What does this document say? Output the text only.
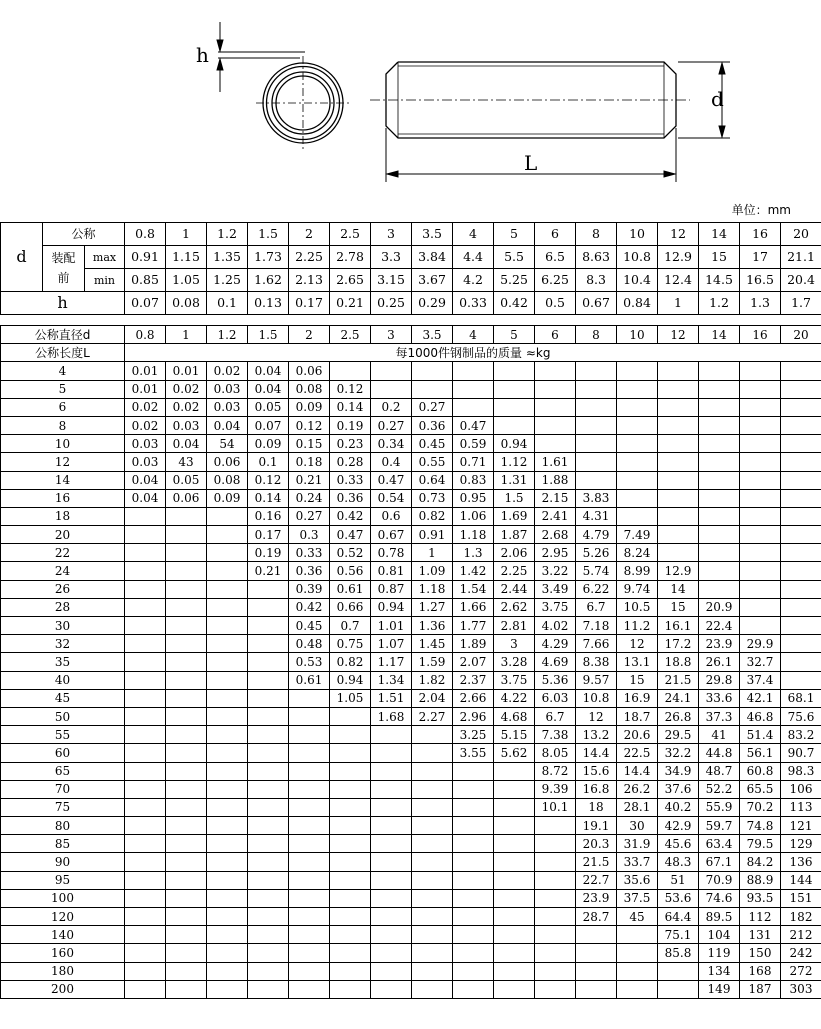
h
d
L
单位：mm
d	公称		0.8	1	1.2	1.5	2	2.5	3	3.5	4	5	6	8	10	12	14	16	20
	装配前	max	0.91	1.15	1.35	1.73	2.25	2.78	3.3	3.84	4.4	5.5	6.5	8.63	10.8	12.9	15	17	21.1
		min	0.85	1.05	1.25	1.62	2.13	2.65	3.15	3.67	4.2	5.25	6.25	8.3	10.4	12.4	14.5	16.5	20.4
h			0.07	0.08	0.1	0.13	0.17	0.21	0.25	0.29	0.33	0.42	0.5	0.67	0.84	1	1.2	1.3	1.7
公称直径d	0.8	1	1.2	1.5	2	2.5	3	3.5	4	5	6	8	10	12	14	16	20
公称长度L	每1000件钢制品的质量 ≈kg																
4	0.01	0.01	0.02	0.04	0.06												
5	0.01	0.02	0.03	0.04	0.08	0.12											
6	0.02	0.02	0.03	0.05	0.09	0.14	0.2	0.27									
8	0.02	0.03	0.04	0.07	0.12	0.19	0.27	0.36	0.47								
10	0.03	0.04	54	0.09	0.15	0.23	0.34	0.45	0.59	0.94							
12	0.03	43	0.06	0.1	0.18	0.28	0.4	0.55	0.71	1.12	1.61						
14	0.04	0.05	0.08	0.12	0.21	0.33	0.47	0.64	0.83	1.31	1.88						
16	0.04	0.06	0.09	0.14	0.24	0.36	0.54	0.73	0.95	1.5	2.15	3.83					
18				0.16	0.27	0.42	0.6	0.82	1.06	1.69	2.41	4.31					
20				0.17	0.3	0.47	0.67	0.91	1.18	1.87	2.68	4.79	7.49				
22				0.19	0.33	0.52	0.78	1	1.3	2.06	2.95	5.26	8.24				
24				0.21	0.36	0.56	0.81	1.09	1.42	2.25	3.22	5.74	8.99	12.9			
26					0.39	0.61	0.87	1.18	1.54	2.44	3.49	6.22	9.74	14			
28					0.42	0.66	0.94	1.27	1.66	2.62	3.75	6.7	10.5	15	20.9		
30					0.45	0.7	1.01	1.36	1.77	2.81	4.02	7.18	11.2	16.1	22.4		
32					0.48	0.75	1.07	1.45	1.89	3	4.29	7.66	12	17.2	23.9	29.9	
35					0.53	0.82	1.17	1.59	2.07	3.28	4.69	8.38	13.1	18.8	26.1	32.7	
40					0.61	0.94	1.34	1.82	2.37	3.75	5.36	9.57	15	21.5	29.8	37.4	
45						1.05	1.51	2.04	2.66	4.22	6.03	10.8	16.9	24.1	33.6	42.1	68.1
50							1.68	2.27	2.96	4.68	6.7	12	18.7	26.8	37.3	46.8	75.6
55									3.25	5.15	7.38	13.2	20.6	29.5	41	51.4	83.2
60									3.55	5.62	8.05	14.4	22.5	32.2	44.8	56.1	90.7
65											8.72	15.6	14.4	34.9	48.7	60.8	98.3
70											9.39	16.8	26.2	37.6	52.2	65.5	106
75											10.1	18	28.1	40.2	55.9	70.2	113
80												19.1	30	42.9	59.7	74.8	121
85												20.3	31.9	45.6	63.4	79.5	129
90												21.5	33.7	48.3	67.1	84.2	136
95												22.7	35.6	51	70.9	88.9	144
100												23.9	37.5	53.6	74.6	93.5	151
120												28.7	45	64.4	89.5	112	182
140														75.1	104	131	212
160														85.8	119	150	242
180															134	168	272
200															149	187	303
